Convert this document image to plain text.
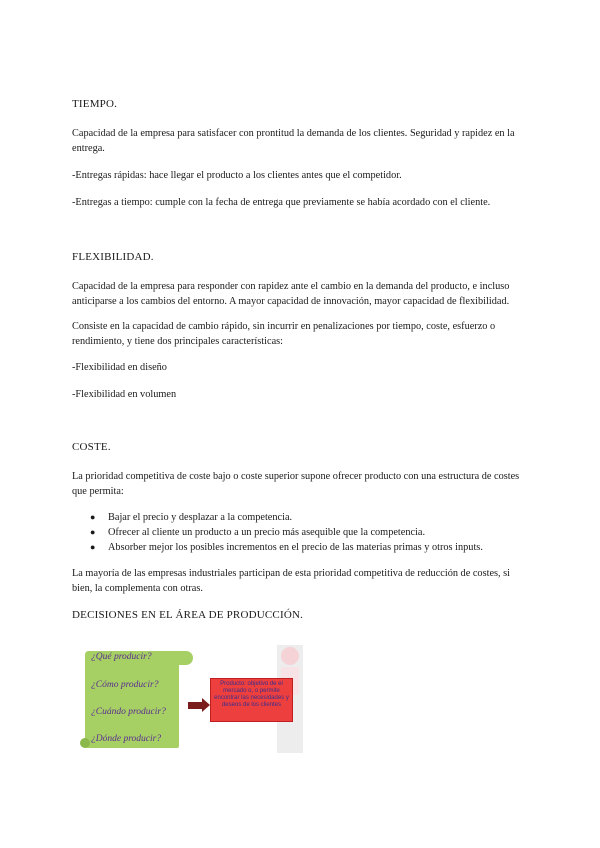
TIEMPO.

Capacidad de la empresa para satisfacer con prontitud la demanda de los clientes. Seguridad y rapidez en la entrega.

-Entregas rápidas: hace llegar el producto a los clientes antes que el competidor.

-Entregas a tiempo: cumple con la fecha de entrega que previamente se había acordado con el cliente.

FLEXIBILIDAD.

Capacidad de la empresa para responder con rapidez ante el cambio en la demanda del producto, e incluso anticiparse a los cambios del entorno. A mayor capacidad de innovación, mayor capacidad de flexibilidad.

Consiste en la capacidad de cambio rápido, sin incurrir en penalizaciones por tiempo, coste, esfuerzo o rendimiento, y tiene dos principales características:

-Flexibilidad en diseño

-Flexibilidad en volumen

COSTE.

La prioridad competitiva de coste bajo o coste superior supone ofrecer producto con una estructura de costes que permita:

● Bajar el precio y desplazar a la competencia.
● Ofrecer al cliente un producto a un precio más asequible que la competencia.
● Absorber mejor los posibles incrementos en el precio de las materias primas y otros inputs.

La mayoría de las empresas industriales participan de esta prioridad competitiva de reducción de costes, si bien, la complementa con otras.

DECISIONES EN EL ÁREA DE PRODUCCIÓN.
¿Qué producir?
¿Cómo producir?
¿Cuándo producir?
¿Dónde producir?
Producto: objetivo de el mercado o, o permite encontrar las necesidades y deseos de los clientes
